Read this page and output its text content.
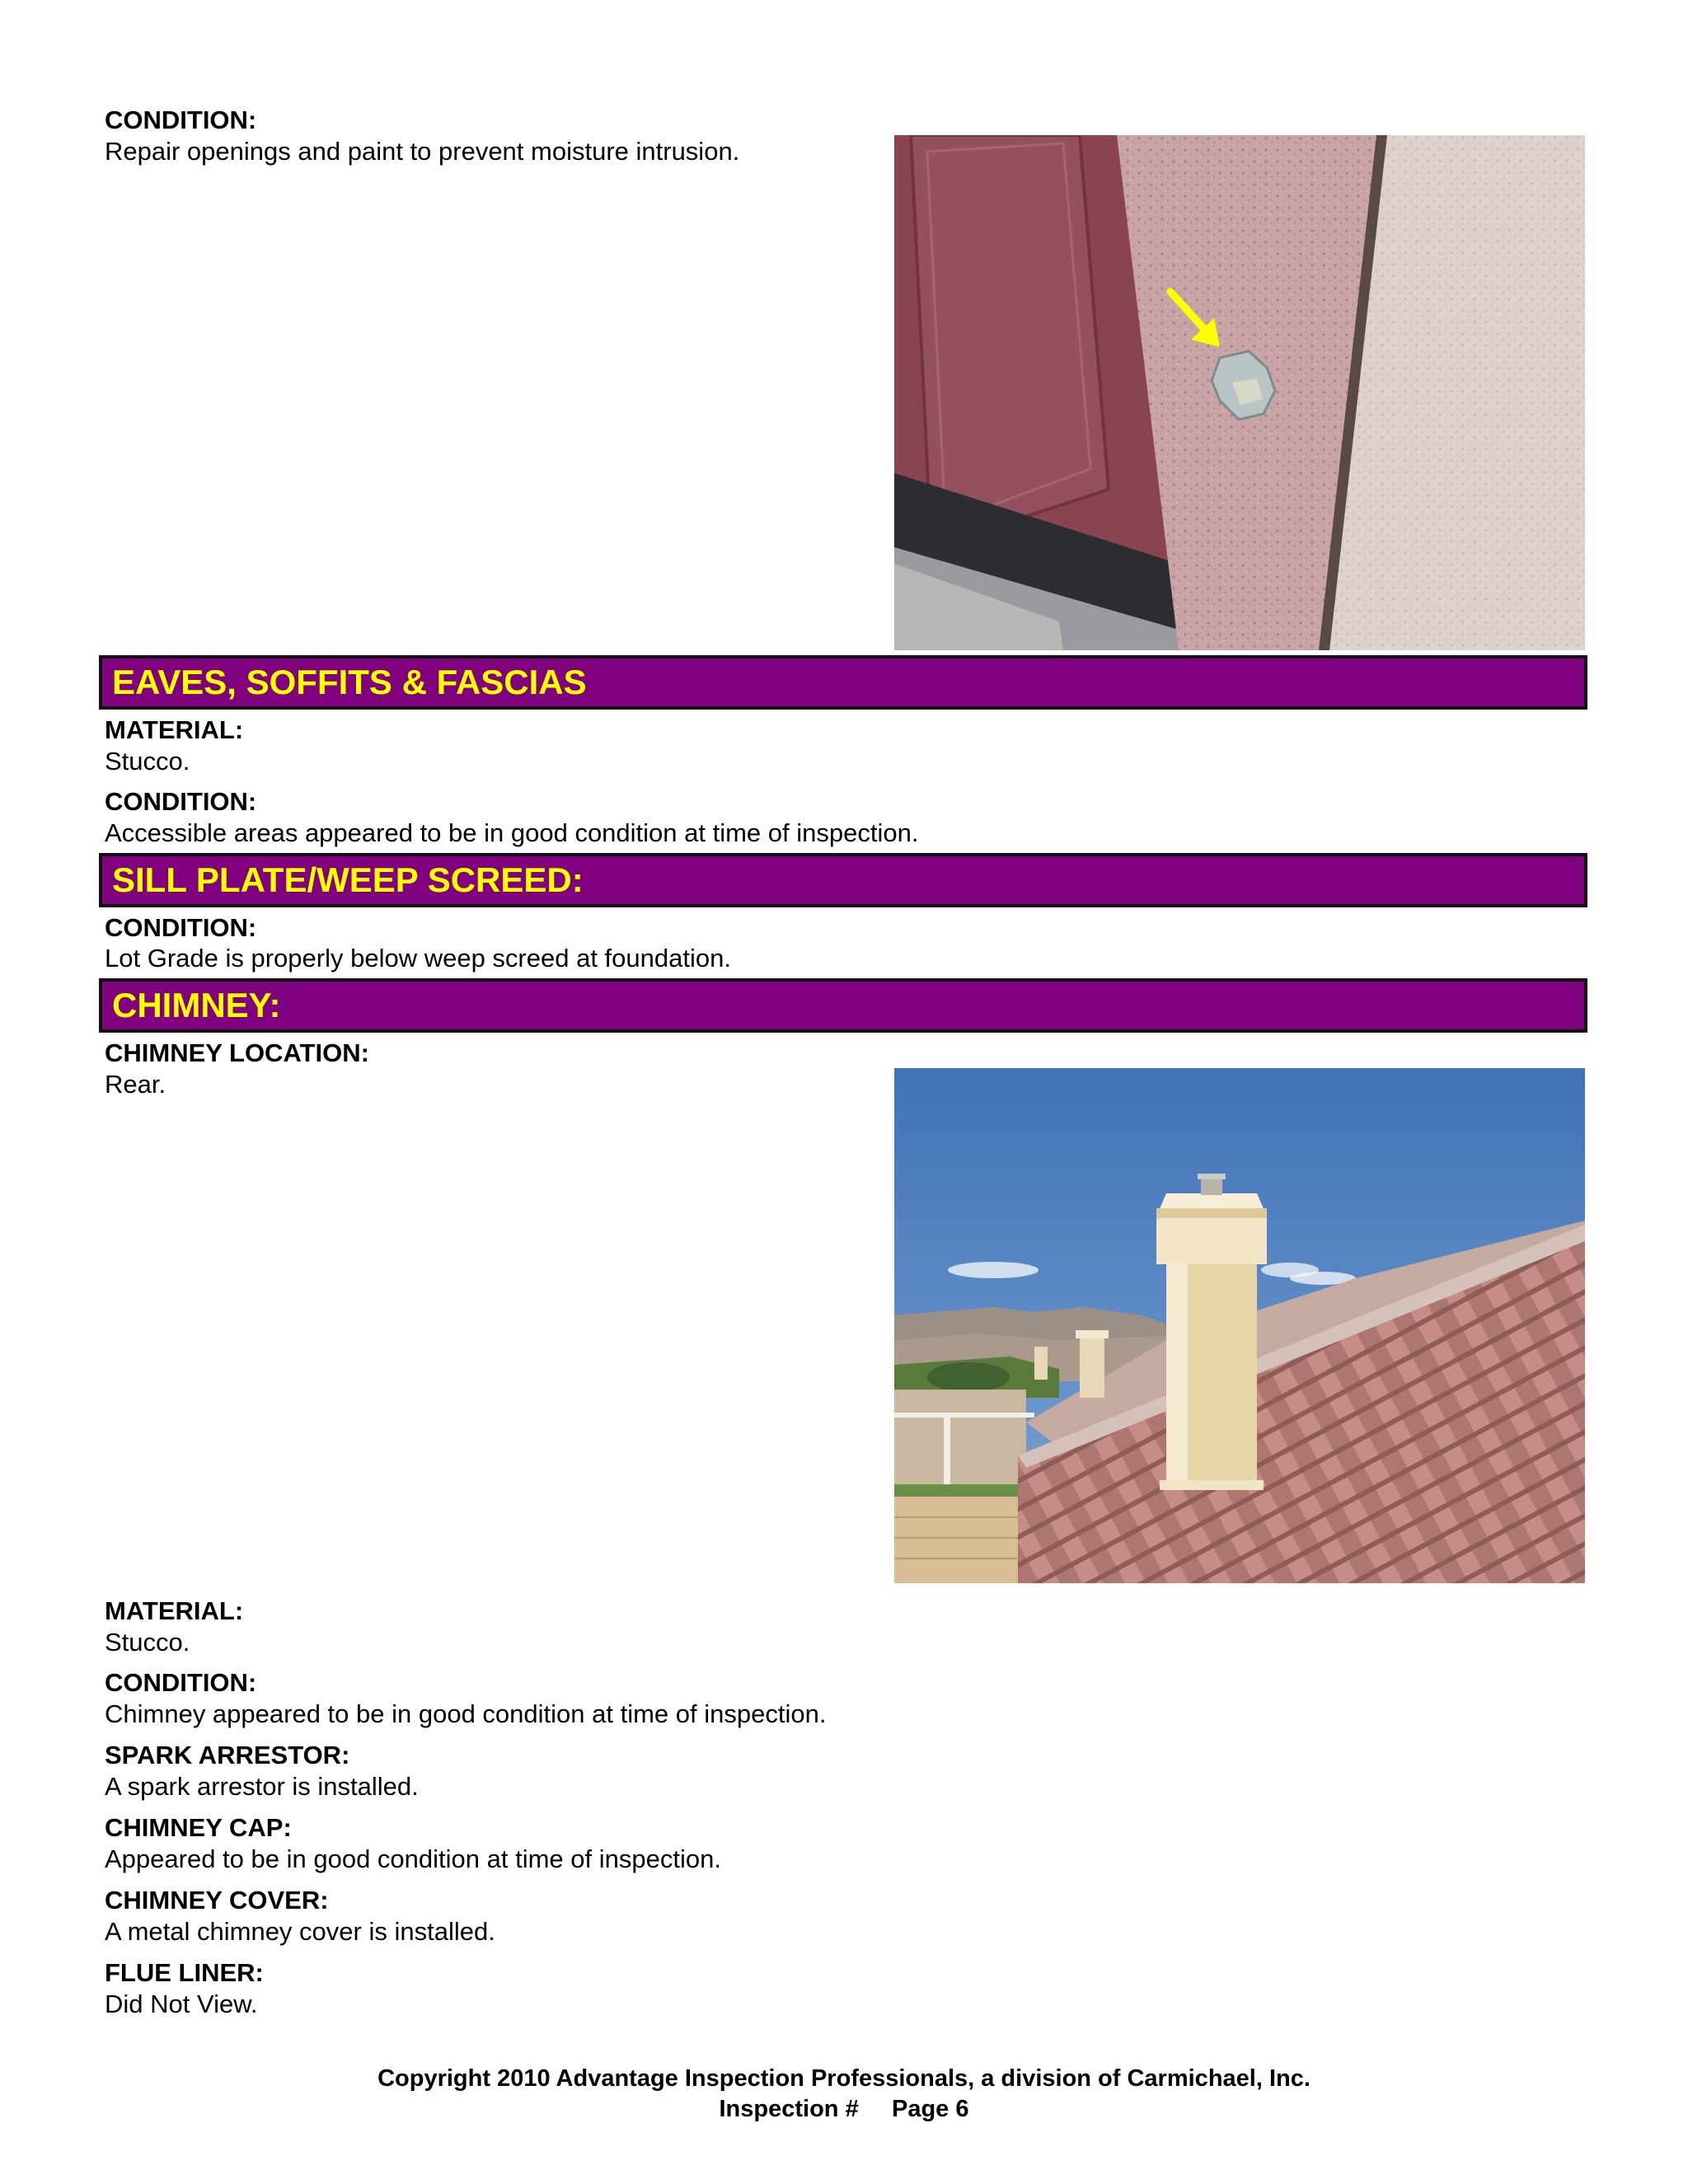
CONDITION:
Repair openings and paint to prevent moisture intrusion.
EAVES, SOFFITS & FASCIAS
MATERIAL:
Stucco.
CONDITION:
Accessible areas appeared to be in good condition at time of inspection.
SILL PLATE/WEEP SCREED:
CONDITION:
Lot Grade is properly below weep screed at foundation.
CHIMNEY:
CHIMNEY LOCATION:
Rear.
MATERIAL:
Stucco.
CONDITION:
Chimney appeared to be in good condition at time of inspection.
SPARK ARRESTOR:
A spark arrestor is installed.
CHIMNEY CAP:
Appeared to be in good condition at time of inspection.
CHIMNEY COVER:
A metal chimney cover is installed.
FLUE LINER:
Did Not View.
Copyright 2010 Advantage Inspection Professionals, a division of Carmichael, Inc.
Inspection #     Page 6
